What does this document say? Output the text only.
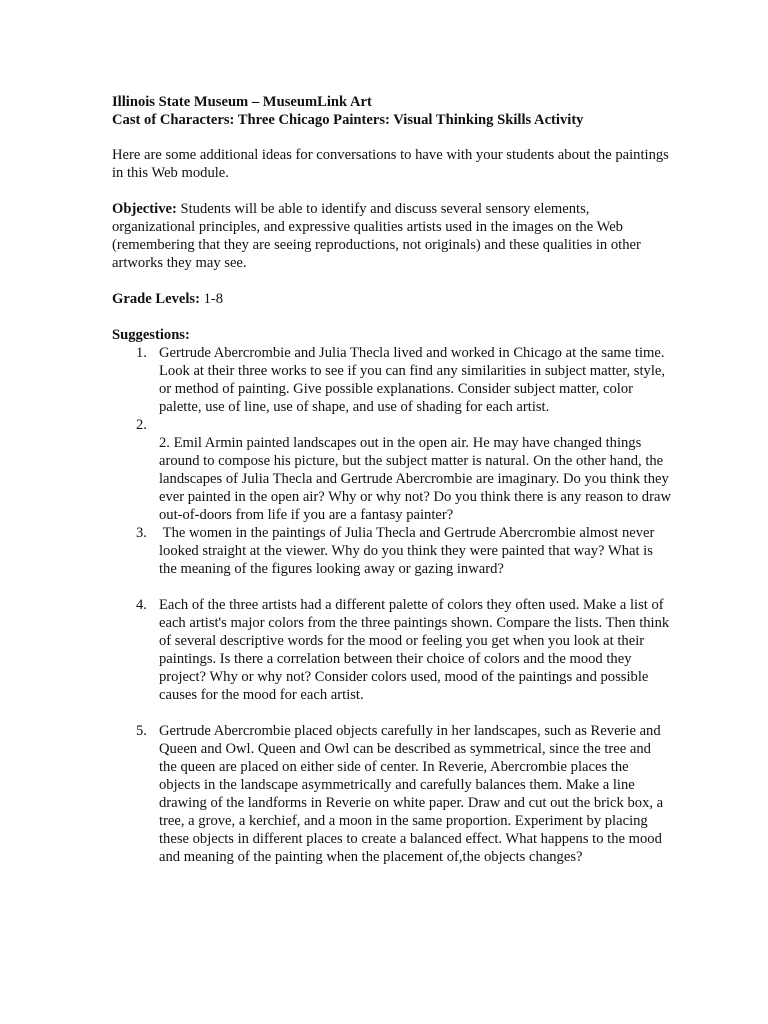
Illinois State Museum – MuseumLink Art
Cast of Characters: Three Chicago Painters: Visual Thinking Skills Activity
Here are some additional ideas for conversations to have with your students about the paintings in this Web module.
Objective: Students will be able to identify and discuss several sensory elements, organizational principles, and expressive qualities artists used in the images on the Web (remembering that they are seeing reproductions, not originals) and these qualities in other artworks they may see.
Grade Levels: 1-8
Suggestions:
1. Gertrude Abercrombie and Julia Thecla lived and worked in Chicago at the same time. Look at their three works to see if you can find any similarities in subject matter, style, or method of painting. Give possible explanations. Consider subject matter, color palette, use of line, use of shape, and use of shading for each artist.
2.
2. Emil Armin painted landscapes out in the open air. He may have changed things around to compose his picture, but the subject matter is natural. On the other hand, the landscapes of Julia Thecla and Gertrude Abercrombie are imaginary. Do you think they ever painted in the open air? Why or why not? Do you think there is any reason to draw out-of-doors from life if you are a fantasy painter?
3. The women in the paintings of Julia Thecla and Gertrude Abercrombie almost never looked straight at the viewer. Why do you think they were painted that way? What is the meaning of the figures looking away or gazing inward?
4. Each of the three artists had a different palette of colors they often used. Make a list of each artist's major colors from the three paintings shown. Compare the lists. Then think of several descriptive words for the mood or feeling you get when you look at their paintings. Is there a correlation between their choice of colors and the mood they project? Why or why not? Consider colors used, mood of the paintings and possible causes for the mood for each artist.
5. Gertrude Abercrombie placed objects carefully in her landscapes, such as Reverie and Queen and Owl. Queen and Owl can be described as symmetrical, since the tree and the queen are placed on either side of center. In Reverie, Abercrombie places the objects in the landscape asymmetrically and carefully balances them. Make a line drawing of the landforms in Reverie on white paper. Draw and cut out the brick box, a tree, a grove, a kerchief, and a moon in the same proportion. Experiment by placing these objects in different places to create a balanced effect. What happens to the mood and meaning of the painting when the placement of,the objects changes?
